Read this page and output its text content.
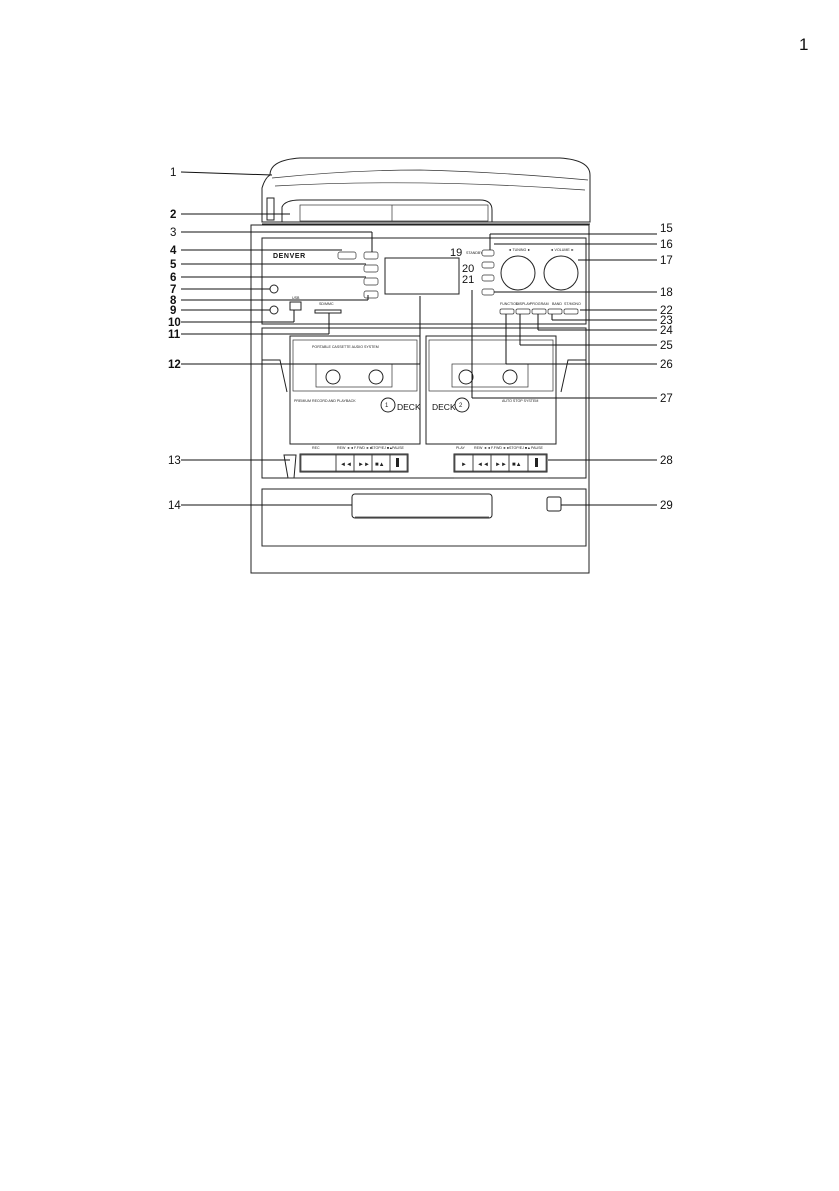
1
DENVER
USB
SD/MMC
19
20
21
STANDBY
◄ TUNING ►	◄ VOLUME ►
FUNCTION
DISPLAY PROGRAM BAND ST/MONO
PORTABLE CASSETTE AUDIO SYSTEM
PREMIUM RECORD AND PLAYBACK
1 DECK DECK 2
AUTO STOP SYSTEM
◄◄ ►► ■▲
REC	REW ◄◄ F.FWD ►►
STOP/EJ ■▲ PAUSE
► ◄◄ ►► ■▲
PLAY	REW ◄◄ F.FWD ►►
STOP/EJ ■▲ PAUSE
1
2
3
4
5
6
7
8
9
10
11
12
13
14
15
16
17
18
22
23
24
25
26
27
28
29
